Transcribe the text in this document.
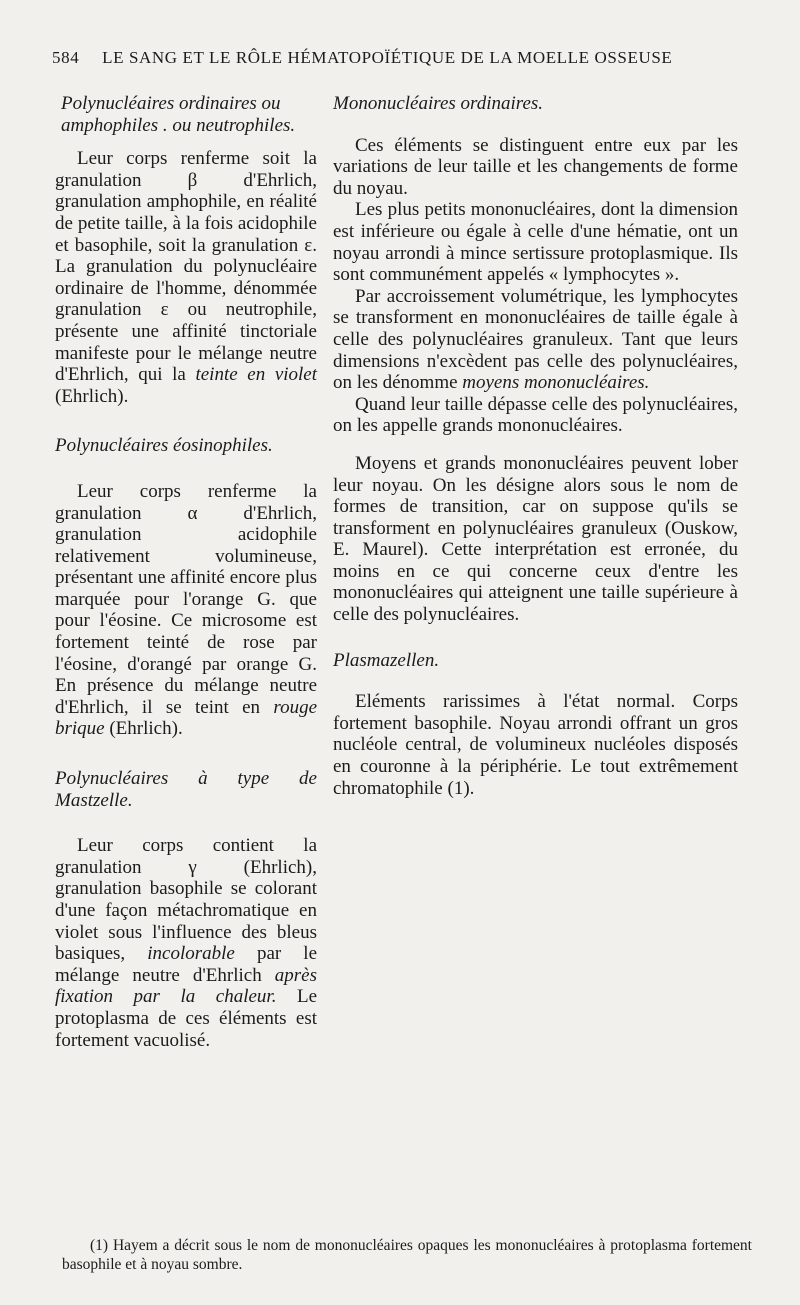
584 LE SANG ET LE RÔLE HÉMATOPOÏÉTIQUE DE LA MOELLE OSSEUSE

Polynucléaires ordinaires ou amphophiles . ou neutrophiles.

Leur corps renferme soit la granulation β d'Ehrlich, granulation amphophile, en réalité de petite taille, à la fois acidophile et basophile, soit la granulation ε. La granulation du polynucléaire ordinaire de l'homme, dénommée granulation ε ou neutrophile, présente une affinité tinctoriale manifeste pour le mélange neutre d'Ehrlich, qui la teinte en violet (Ehrlich).

Polynucléaires éosinophiles.

Leur corps renferme la granulation α d'Ehrlich, granulation acidophile relativement volumineuse, présentant une affinité encore plus marquée pour l'orange G. que pour l'éosine. Ce microsome est fortement teinté de rose par l'éosine, d'orangé par orange G. En présence du mélange neutre d'Ehrlich, il se teint en rouge brique (Ehrlich).

Polynucléaires à type de Mastzelle.

Leur corps contient la granulation γ (Ehrlich), granulation basophile se colorant d'une façon métachromatique en violet sous l'influence des bleus basiques, incolorable par le mélange neutre d'Ehrlich après fixation par la chaleur. Le protoplasma de ces éléments est fortement vacuolisé.

Mononucléaires ordinaires.

Ces éléments se distinguent entre eux par les variations de leur taille et les changements de forme du noyau.

Les plus petits mononucléaires, dont la dimension est inférieure ou égale à celle d'une hématie, ont un noyau arrondi à mince sertissure protoplasmique. Ils sont communément appelés « lymphocytes ».

Par accroissement volumétrique, les lymphocytes se transforment en mononucléaires de taille égale à celle des polynucléaires granuleux. Tant que leurs dimensions n'excèdent pas celle des polynucléaires, on les dénomme moyens mononucléaires.

Quand leur taille dépasse celle des polynucléaires, on les appelle grands mononucléaires.

Moyens et grands mononucléaires peuvent lober leur noyau. On les désigne alors sous le nom de formes de transition, car on suppose qu'ils se transforment en polynucléaires granuleux (Ouskow, E. Maurel). Cette interprétation est erronée, du moins en ce qui concerne ceux d'entre les mononucléaires qui atteignent une taille supérieure à celle des polynucléaires.

Plasmazellen.

Eléments rarissimes à l'état normal. Corps fortement basophile. Noyau arrondi offrant un gros nucléole central, de volumineux nucléoles disposés en couronne à la périphérie. Le tout extrêmement chromatophile (1).

(1) Hayem a décrit sous le nom de mononucléaires opaques les mononucléaires à protoplasma fortement basophile et à noyau sombre.
